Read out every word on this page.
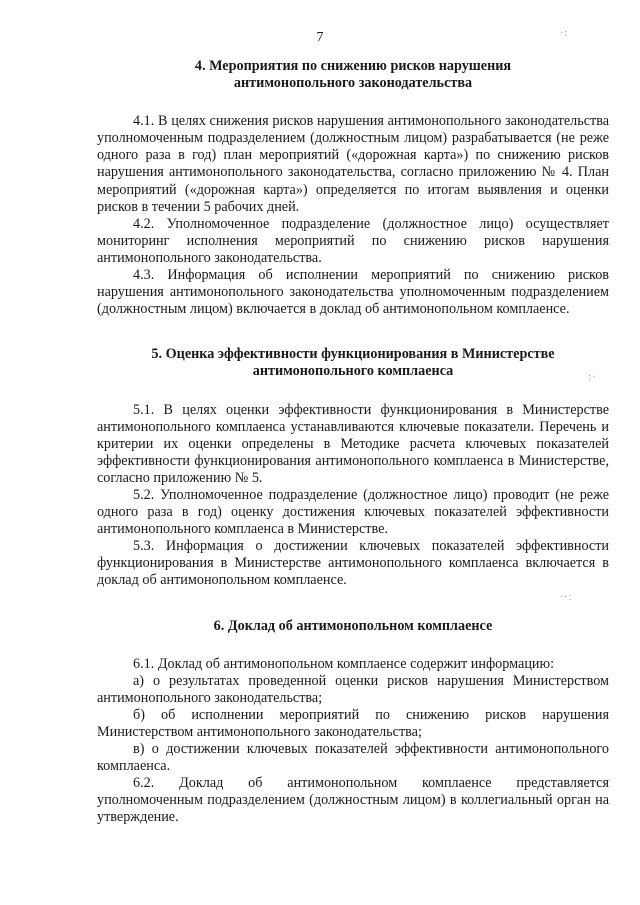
7

4. Мероприятия по снижению рисков нарушения
антимонопольного законодательства

4.1. В целях снижения рисков нарушения антимонопольного законодательства уполномоченным подразделением (должностным лицом) разрабатывается (не реже одного раза в год) план мероприятий («дорожная карта») по снижению рисков нарушения антимонопольного законодательства, согласно приложению № 4. План мероприятий («дорожная карта») определяется по итогам выявления и оценки рисков в течении 5 рабочих дней.

4.2. Уполномоченное подразделение (должностное лицо) осуществляет мониторинг исполнения мероприятий по снижению рисков нарушения антимонопольного законодательства.

4.3. Информация об исполнении мероприятий по снижению рисков нарушения антимонопольного законодательства уполномоченным подразделением (должностным лицом) включается в доклад об антимонопольном комплаенсе.

5. Оценка эффективности функционирования в Министерстве
антимонопольного комплаенса

5.1. В целях оценки эффективности функционирования в Министерстве антимонопольного комплаенса устанавливаются ключевые показатели. Перечень и критерии их оценки определены в Методике расчета ключевых показателей эффективности функционирования антимонопольного комплаенса в Министерстве, согласно приложению № 5.

5.2. Уполномоченное подразделение (должностное лицо) проводит (не реже одного раза в год) оценку достижения ключевых показателей эффективности антимонопольного комплаенса в Министерстве.

5.3. Информация о достижении ключевых показателей эффективности функционирования в Министерстве антимонопольного комплаенса включается в доклад об антимонопольном комплаенсе.

6. Доклад об антимонопольном комплаенсе

6.1. Доклад об антимонопольном комплаенсе содержит информацию:

а) о результатах проведенной оценки рисков нарушения Министерством антимонопольного законодательства;

б) об исполнении мероприятий по снижению рисков нарушения Министерством антимонопольного законодательства;

в) о достижении ключевых показателей эффективности антимонопольного комплаенса.

6.2. Доклад об антимонопольном комплаенсе представляется уполномоченным подразделением (должностным лицом) в коллегиальный орган на утверждение.

·:
:·
··:
